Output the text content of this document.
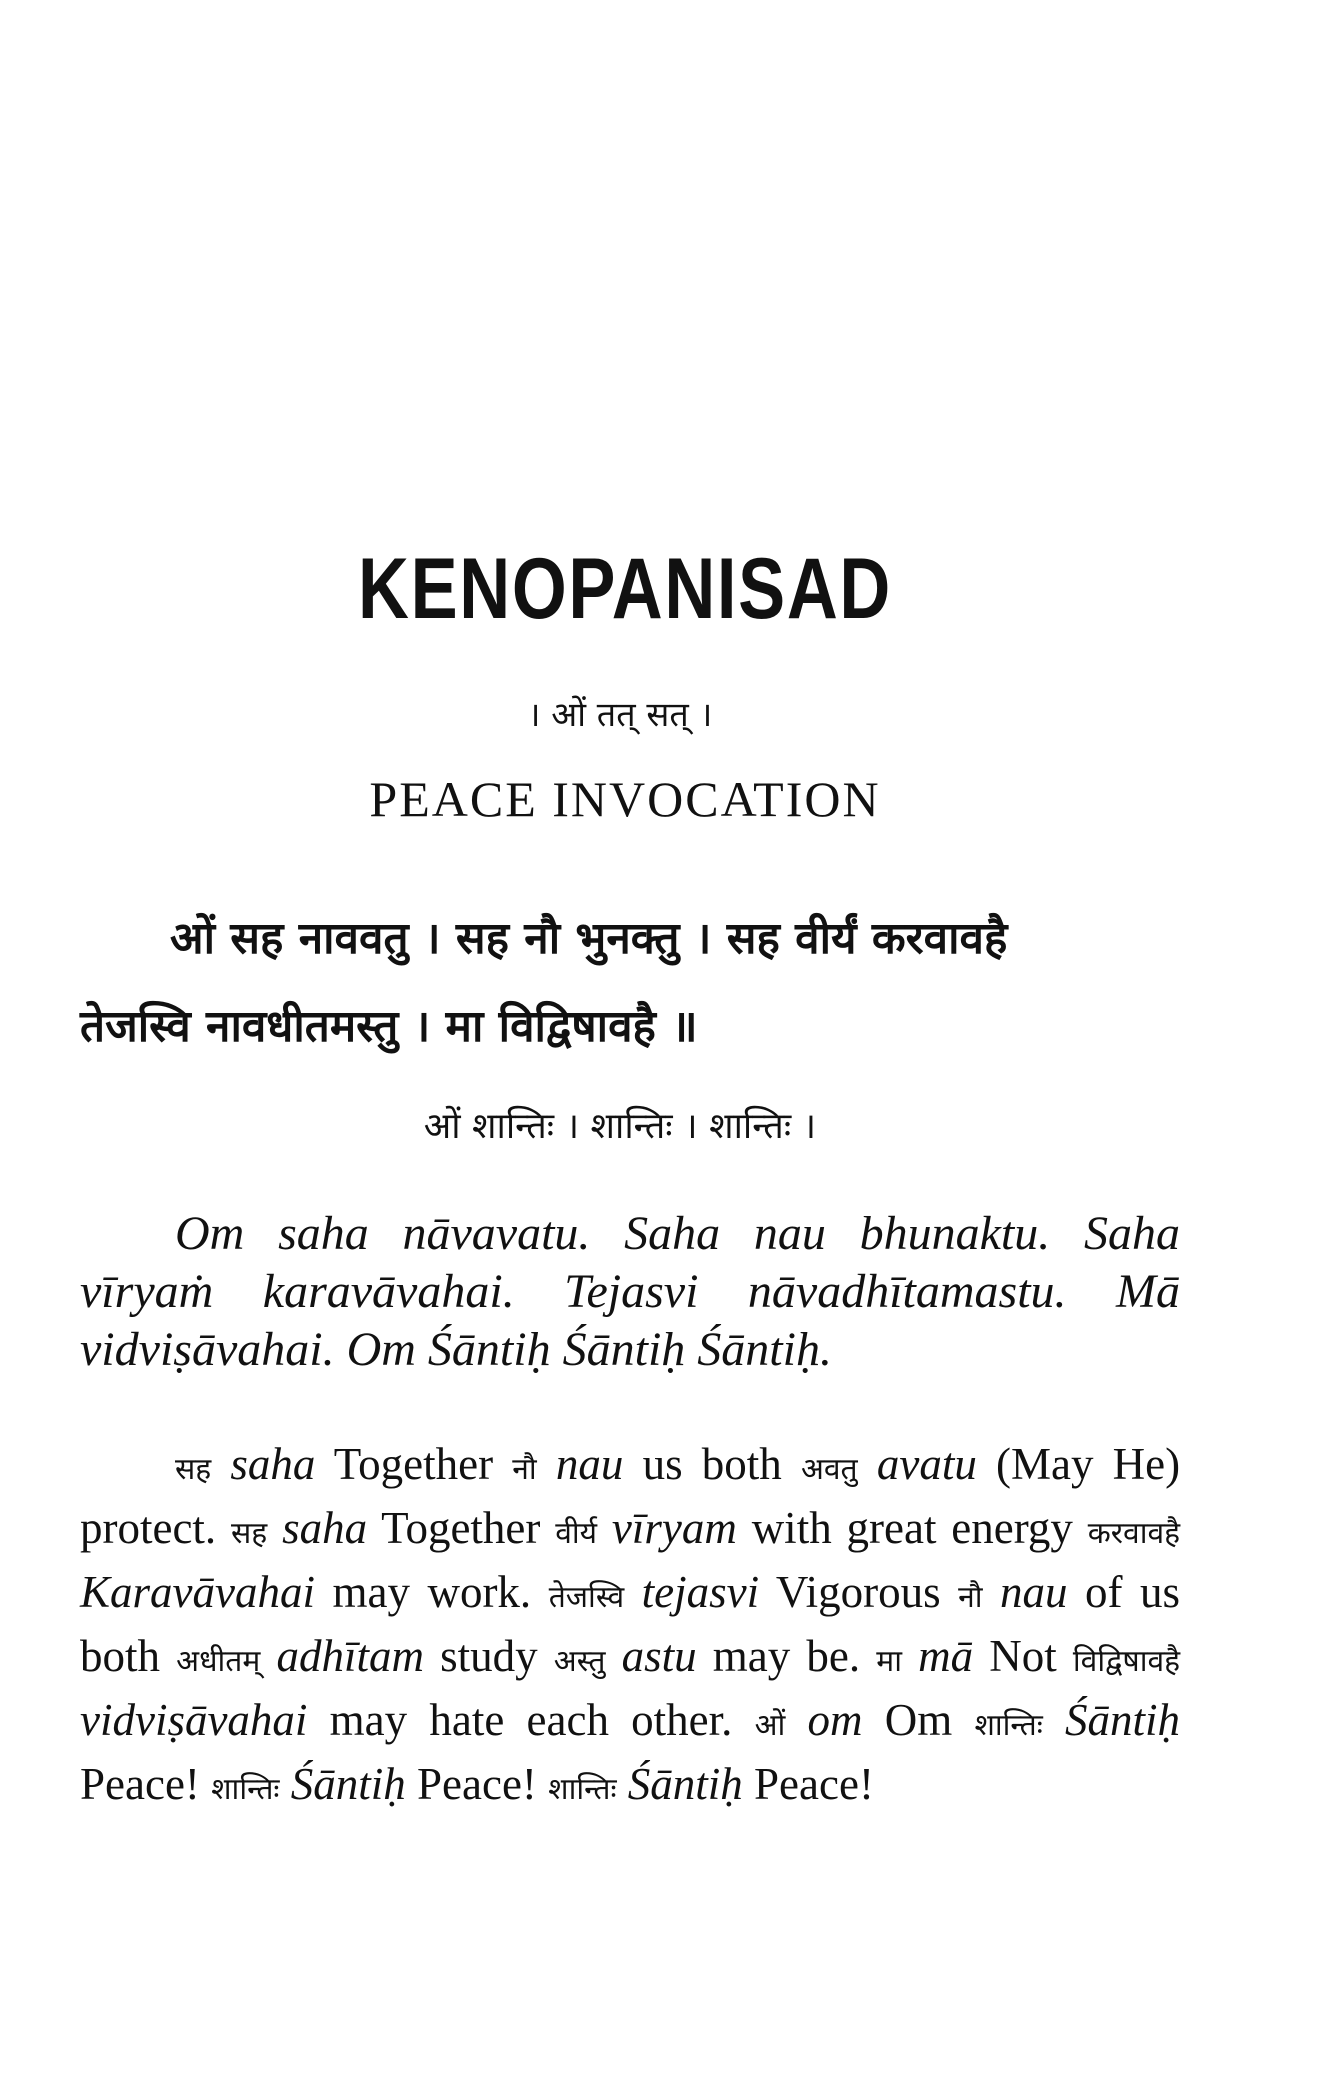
KENOPANISAD
। ओं तत् सत् ।
PEACE INVOCATION
ओं सह नाववतु । सह नौ भुनक्तु । सह वीर्यं करवावहै
तेजस्वि नावधीतमस्तु । मा विद्विषावहै ॥
ओं शान्तिः । शान्तिः । शान्तिः ।

Om saha nāvavatu. Saha nau bhunaktu. Saha vīryaṁ karavāvahai. Tejasvi nāvadhītamastu. Mā vidviṣāvahai. Om Śāntiḥ Śāntiḥ Śāntiḥ.

सह saha Together नौ nau us both अवतु avatu (May He) protect. सह saha Together वीर्य vīryam with great energy करवावहै Karavāvahai may work. तेजस्वि tejasvi Vigorous नौ nau of us both अधीतम् adhītam study अस्तु astu may be. मा mā Not विद्विषावहै vidviṣāvahai may hate each other. ओं om Om शान्तिः Śāntiḥ Peace! शान्तिः Śāntiḥ Peace! शान्तिः Śāntiḥ Peace!
